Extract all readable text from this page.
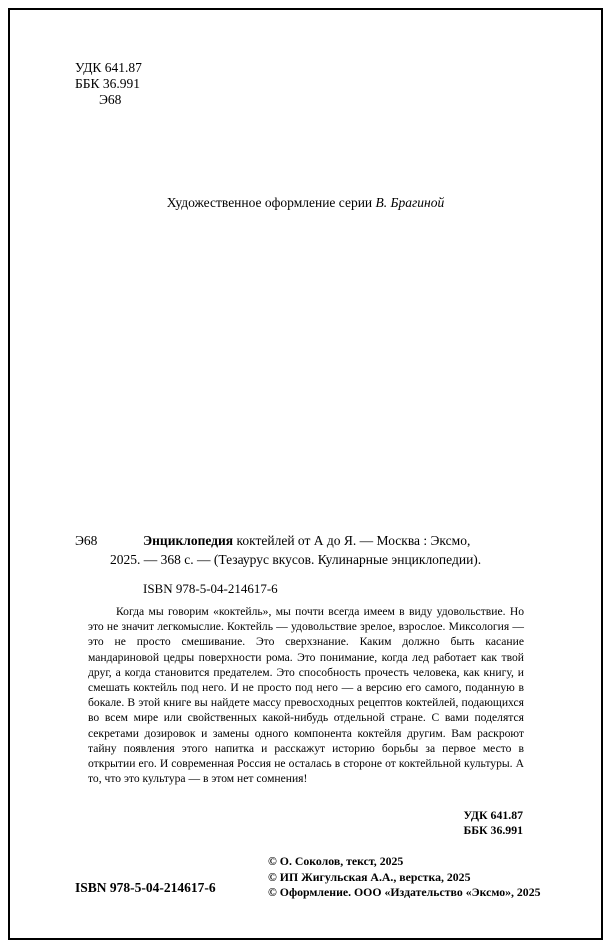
УДК 641.87
ББК 36.991
Э68
Художественное оформление серии В. Брагиной
Э68	Энциклопедия коктейлей от А до Я. — Москва : Эксмо,
2025. — 368 с. — (Тезаурус вкусов. Кулинарные энциклопедии).
ISBN 978-5-04-214617-6
Когда мы говорим «коктейль», мы почти всегда имеем в виду удовольствие. Но это не значит легкомыслие. Коктейль — удовольствие зрелое, взрослое. Миксология — это не просто смешивание. Это сверхзнание. Каким должно быть касание мандариновой цедры поверхности рома. Это понимание, когда лед работает как твой друг, а когда становится предателем. Это способность прочесть человека, как книгу, и смешать коктейль под него. И не просто под него — а версию его самого, поданную в бокале. В этой книге вы найдете массу превосходных рецептов коктейлей, подающихся во всем мире или свойственных какой-нибудь отдельной стране. С вами поделятся секретами дозировок и замены одного компонента коктейля другим. Вам раскроют тайну появления этого напитка и расскажут историю борьбы за первое место в открытии его. И современная Россия не осталась в стороне от коктейльной культуры. А то, что это культура — в этом нет сомнения!
УДК 641.87
ББК 36.991
© О. Соколов, текст, 2025
© ИП Жигульская А.А., верстка, 2025
© Оформление. ООО «Издательство «Эксмо», 2025
ISBN 978-5-04-214617-6
